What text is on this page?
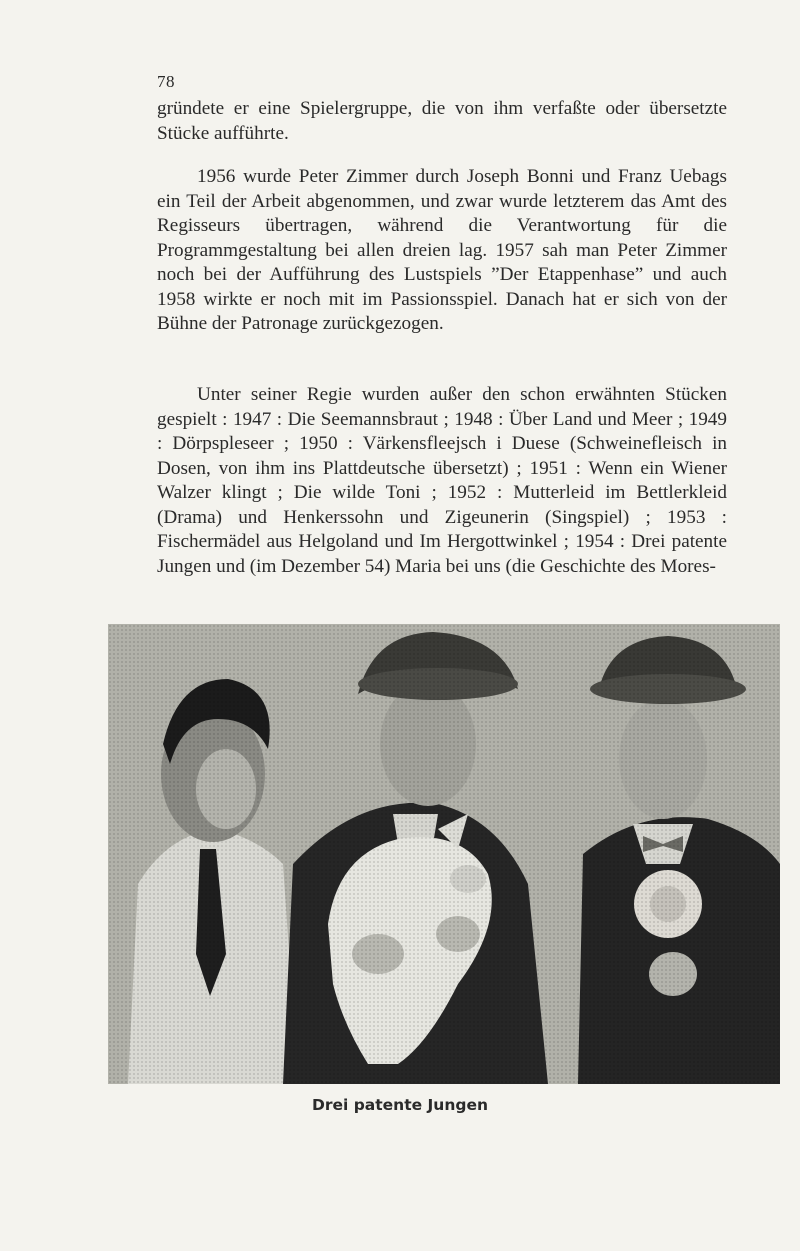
78

gründete er eine Spielergruppe, die von ihm verfaßte oder übersetzte Stücke aufführte.

1956 wurde Peter Zimmer durch Joseph Bonni und Franz Uebags ein Teil der Arbeit abgenommen, und zwar wurde letzterem das Amt des Regisseurs übertragen, während die Verantwortung für die Programmgestaltung bei allen dreien lag. 1957 sah man Peter Zimmer noch bei der Aufführung des Lustspiels ”Der Etappenhase” und auch 1958 wirkte er noch mit im Passionsspiel. Danach hat er sich von der Bühne der Patronage zurückgezogen.

Unter seiner Regie wurden außer den schon erwähnten Stücken gespielt : 1947 : Die Seemannsbraut ; 1948 : Über Land und Meer ; 1949 : Dörpspleseer ; 1950 : Värkensfleejsch i Duese (Schweinefleisch in Dosen, von ihm ins Plattdeutsche übersetzt) ; 1951 : Wenn ein Wiener Walzer klingt ; Die wilde Toni ; 1952 : Mutterleid im Bettlerkleid (Drama) und Henkerssohn und Zigeunerin (Singspiel) ; 1953 : Fischermädel aus Helgoland und Im Hergottwinkel ; 1954 : Drei patente Jungen und (im Dezember 54) Maria bei uns (die Geschichte des Mores-

Drei patente Jungen
